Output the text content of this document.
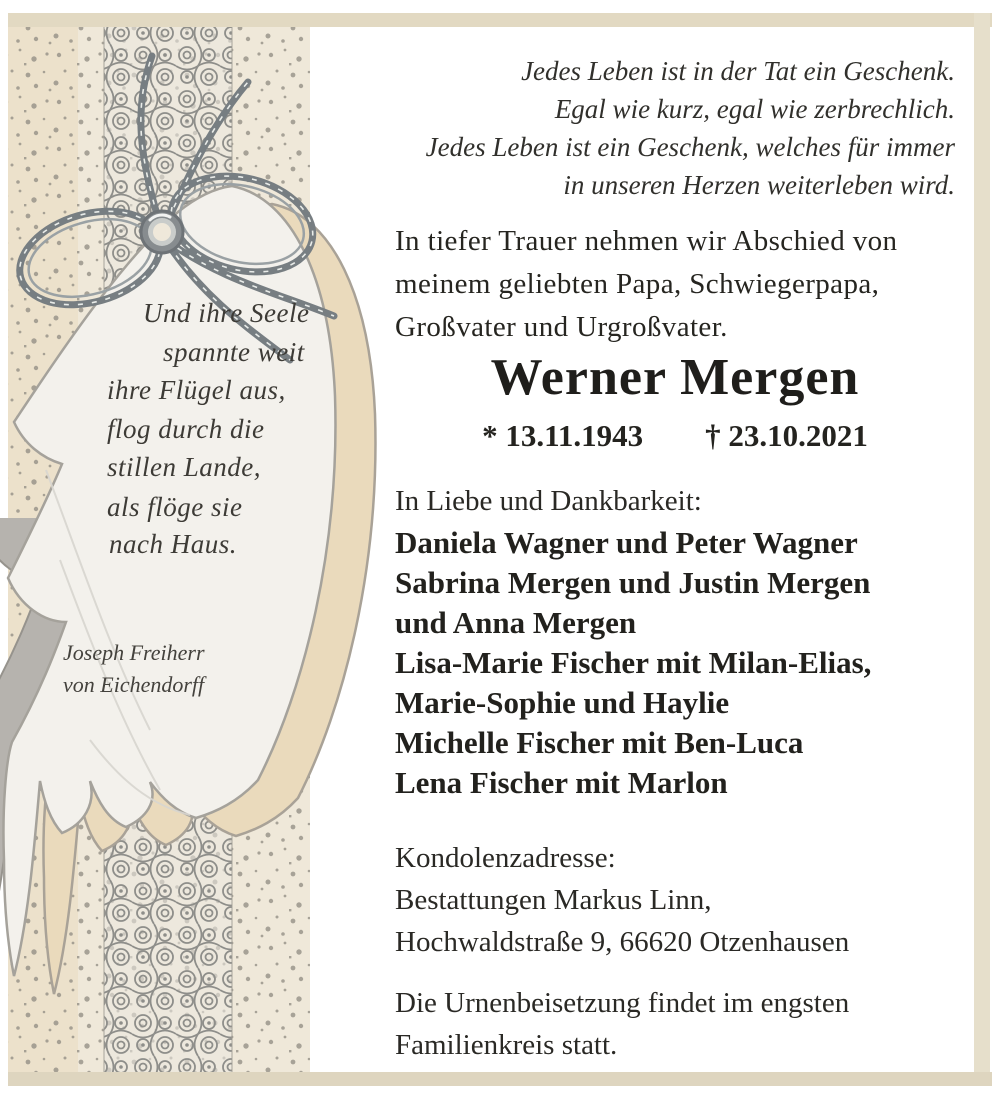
Und ihre Seele
spannte weit
ihre Flügel aus,
flog durch die
stillen Lande,
als flöge sie
nach Haus.
Joseph Freiherr
von Eichendorff
Jedes Leben ist in der Tat ein Geschenk.
Egal wie kurz, egal wie zerbrechlich.
Jedes Leben ist ein Geschenk, welches für immer
in unseren Herzen weiterleben wird.
In tiefer Trauer nehmen wir Abschied von
meinem geliebten Papa, Schwiegerpapa,
Großvater und Urgroßvater.
Werner Mergen
* 13.11.1943 † 23.10.2021
In Liebe und Dankbarkeit:
Daniela Wagner und Peter Wagner
Sabrina Mergen und Justin Mergen
und Anna Mergen
Lisa-Marie Fischer mit Milan-Elias,
Marie-Sophie und Haylie
Michelle Fischer mit Ben-Luca
Lena Fischer mit Marlon
Kondolenzadresse:
Bestattungen Markus Linn,
Hochwaldstraße 9, 66620 Otzenhausen
Die Urnenbeisetzung findet im engsten
Familienkreis statt.
